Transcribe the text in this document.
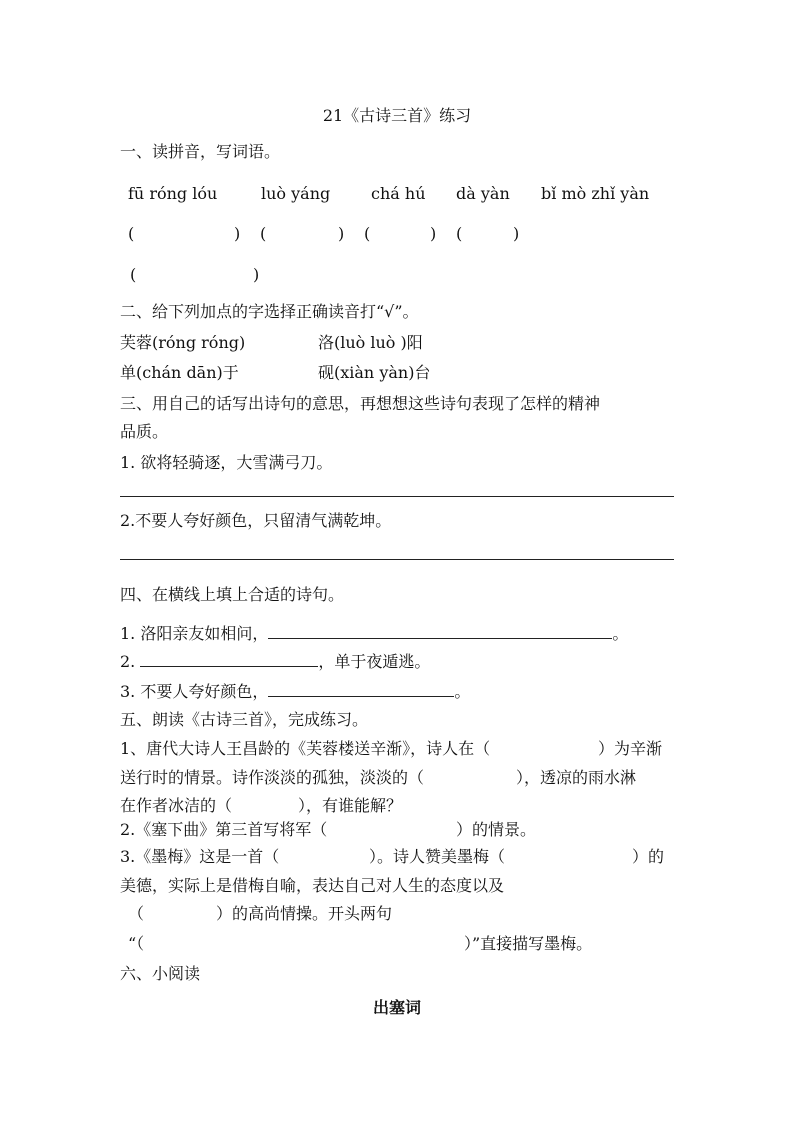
21《古诗三首》练习
一、读拼音，写词语。
fū róng lóu	luò yáng	chá hú dà yàn bǐ mò zhǐ yàn
(	) (	) (	) (	)
(	)
二、给下列加点的字选择正确读音打“√”。
芙蓉(róng róng)	洛(luò luò )阳
单(chán dān)于	砚(xiàn yàn)台
三、用自己的话写出诗句的意思，再想想这些诗句表现了怎样的精神
品质。
1. 欲将轻骑逐，大雪满弓刀。
2.不要人夸好颜色，只留清气满乾坤。
四、在横线上填上合适的诗句。
1. 洛阳亲友如相问，	。
2.	，单于夜遁逃。
3. 不要人夸好颜色，	。
五、朗读《古诗三首》，完成练习。
1、唐代大诗人王昌龄的《芙蓉楼送辛渐》，诗人在（	）为辛渐
送行时的情景。诗作淡淡的孤独，淡淡的（	），透凉的雨水淋
在作者冰洁的（	），有谁能解？
2.《塞下曲》第三首写将军（	）的情景。
3.《墨梅》这是一首（	）。诗人赞美墨梅（	）的
美德，实际上是借梅自喻，表达自己对人生的态度以及
（	）的高尚情操。开头两句
“（	）”直接描写墨梅。
六、小阅读
出塞词
